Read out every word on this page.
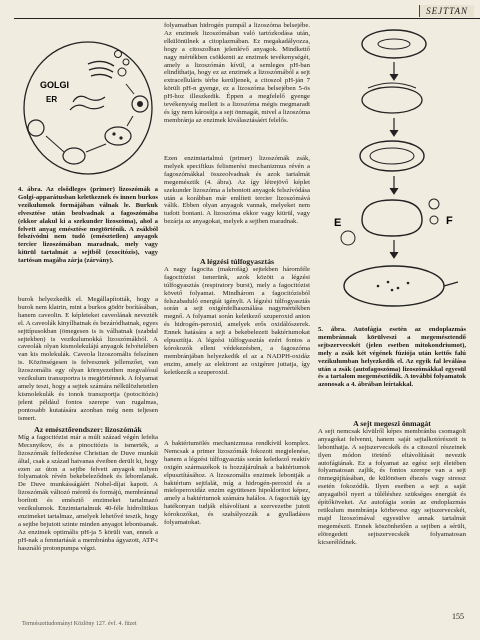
SEJTTAN
GOLGI
ER

4. ábra. Az elsődleges (primer) lizoszómák a Golgi-apparátusban keletkeznek és innen burkos vezikulumok formájában válnak le. Burkuk elvesztése után beolvadnak a fagoszómába (ekkor alakul ki a szekunder lizoszóma), ahol a felvett anyag emésztése megtörténik. A zsákból felszívódni nem tudó (emésztetlen) anyagok tercier lizoszómában maradnak, mely vagy kiürül tartalmát a sejtből (exocitózis), vagy tartósan magába zárja (zárvány).

burok helyezkedik el. Megállapították, hogy a burok nem klatrin, mint a burkos gödör borításában, hanem caveolin. E képleteket caveolának nevezték el. A caveolák kinyílhatnak és bezáródhatnak, egyes sejttípusokban (ömegesen is is válhatnak (szabdal sejtekben) is vezikulumokká lizoszómákból. A caveolák olyan kismolekulájú anyagok felvételében van kis molekulák. Caveola lizoszomális felszínen is. Közönségesen is felvesznek jellemzőet, van lizoszomális egy olyan környezetben megvalósul vezikulum transzportra is megtörténnek. A folyamat amely teszi, hogy a sejtek számára nélkülözhetetlen kismolekulák és ionok transzportja (potocitózis) jelent például fontos szerepe van rugalmas, pontosabb kutatására azonban még nem teljesen ismert.

Az emésztőrendszer: lizoszómák

Míg a fagocitózist már a múlt század végén lefelta Mecsnyikov, és a pinocitózis is ismerték, a lizoszómák felfedezése Christian de Duve munkái által, csak a század hatvanas éveiben derült ki, hogy ezen az úton a sejtbe felvett anyagok milyen folyamatok révén bekebeleződnek és lebomlanak. De Duve munkásságáért Nobel-díjat kapott. A lizoszómák változó méretű és formájú, membránnal borított és emésztő enzimeket tartalmazó vezikulumok. Enzimtartalmuk 40-féle hidrolitikus enzimeket tartalmaz, amelyek lehetővé teszik, hogy a sejtbe bejutott szinte minden anyagot lebontsanak. Az enzimek optimális pH-ja 5 körüli van, ennek a pH-nak a fenntartását a membránba ágyazott, ATP-t használó protonpumpa végzi.

folyamatban hidrogén pumpál a lizoszóma belsejébe. Az enzimek lizoszómában való tartózkodása után, elkülönülnek a citoplazmában. Ez megakadályozza, hogy a citoszolban jelenlévő anyagok. Mindkettő nagy mértékben csökkenti az enzimek tevékenységét, amely a lizoszómán kívül, a semleges pH-ban elindíthatja, hogy ez az enzimek a lizoszómából a sejt extracelluláris térbe kerüljenek, a citoszol pH-ján 7 körüli pH-n gyenge, ez a lizoszóma belsejében 5-ös pH-hoz illeszkedik. Éppen a megfelelő gyenge tevékenység mellett is a lizoszóma mégis megmaradt és így nem károsítja a sejt önmagát, mivel a lizoszóma membránja az enzimek kiválasztásáért felelős.

Ezen enzimtartalmú (primer) lizoszómák zsák, melyek specifikus felismerési mechanizmus révén a fagoszómákkal összeolvadnak és azok tartalmát megemésztik (4. ábra). Az így létrejövő képlet szekunder lizoszóma a lebontott anyagok felszívódása után a korábban már említett tercier lizoszómává válik. Ebben olyan anyagok vannak, melyeket nem tudott bontani. A lizoszóma ekkor vagy kiürül, vagy bezárja az anyagokat, melyek a sejtben maradnak.

A légzési túlfogyasztás

A nagy fagocita (makrofág) sejtekben háromféle fagocitózist ismerünk, azok között a légzési túlfogyasztás (respiratory burst), mely a fagocitózist követő folyamat. Mindhárom a fagocitózisból felszabaduló energiát igényli. A légzési túlfogyasztás során a sejt oxigénfelhasználása nagymértékben megnő. A folyamat során keletkező szuperoxid anion és hidrogén-peroxid, amelyek erős oxidálószerek. Ennek hatására a sejt a bekebelezett baktériumokat elpusztítja. A légzési túlfogyasztás ezért fontos a kórokozók elleni védekezésben, a fagoszóma membránjában helyezkedik el az a NADPH-oxidáz enzim, amely az elektront az oxigénre juttatja, így keletkezik a szuperoxid.

A baktériumölés mechanizmusa rendkívül komplex. Nemcsak a primer lizoszómák fokozott megjelenése, hanem a légzési túlfogyasztás során keletkező reaktív oxigén származékok is hozzájárulnak a baktériumok elpusztításához. A lizoszomális enzimek lebontják a baktérium sejtfalát, míg a hidrogén-peroxid és a mieloperoxidáz enzim együttesen hipokloritot képez, amely a baktériumok számára halálos. A fagociták így hatékonyan tudják eltávolítani a szervezetbe jutott kórokozókat, és szabályozzák a gyulladásos folyamatokat.

E	F

5. ábra. Autofágia esetén az endoplazmás membránnak körülveszi a megemésztendő sejtszervecskét (jelen esetben mitokondriumot), mely a zsák két végének fúziója után kettős falú vezikulumban helyezkedik el. Az egyik fal leválása után a zsák (autofagoszóma) lizoszómákkal egyesül és a tartalom megemésztődik. A további folyamatok azonosak a 4. ábrában leírtakkal.

A sejt megeszi önmagát

A sejt nemcsak kívülről képes membránba csomagolt anyagokat felvenni, hanem saját sejtalkotórészeit is lebonthatja. A sejtszervecskék és a citoszol részeinek ilyen módon történő eltávolítását nevezik autofágiának. Ez a folyamat az egész sejt életében folyamatosan zajlik, és fontos szerepe van a sejt önmegújításában, de különösen éhezés vagy stressz esetén fokozódik. Ilyen esetben a sejt a saját anyagaiból nyeri a túléléshez szükséges energiát és építőköveket. Az autofágia során az endoplazmás retikulum membránja körbevesz egy sejtszervecskét, majd lizoszómával egyesülve annak tartalmát megemészti. Ennek köszönhetően a sejtben a sérült, elöregedett sejtszervecskék folyamatosan kicserélődnek.

Természettudományi Közlöny 127. évf. 4. füzet
155
